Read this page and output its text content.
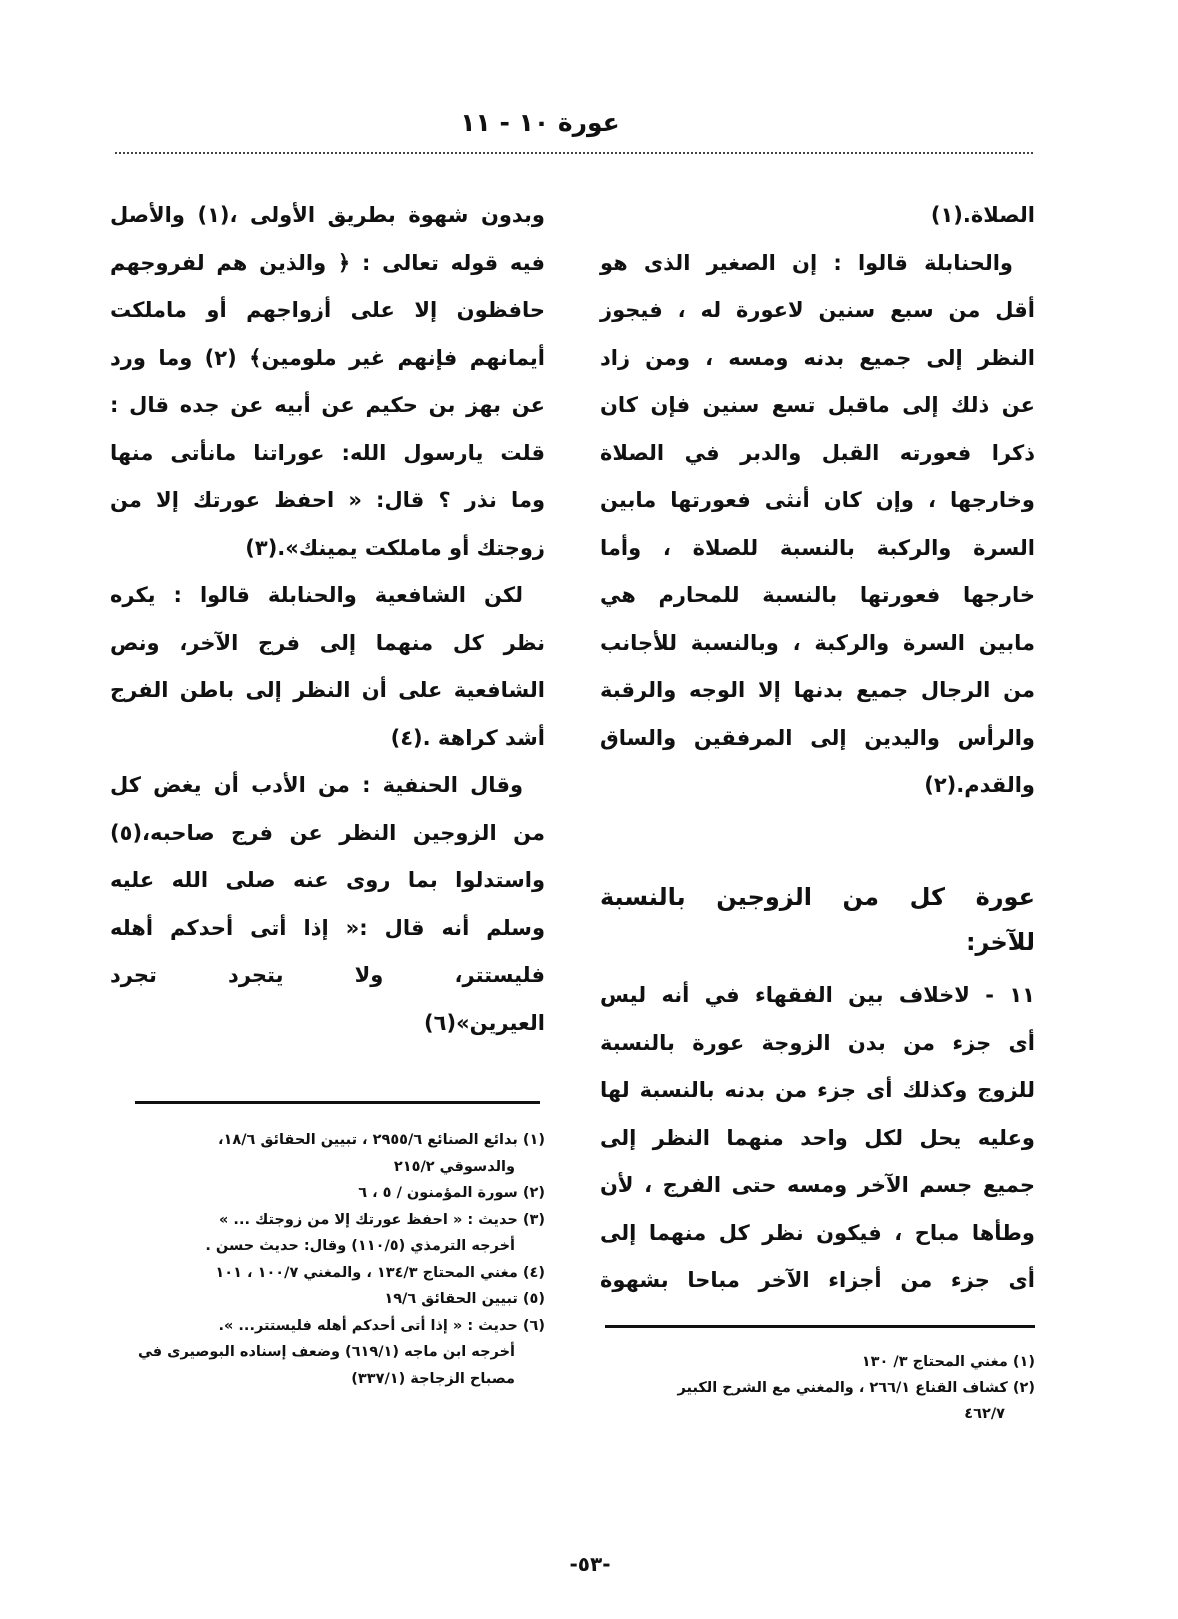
عورة ١٠ - ١١
الصلاة.(١)
والحنابلة قالوا : إن الصغير الذى هو
أقل من سبع سنين لاعورة له ، فيجوز
النظر إلى جميع بدنه ومسه ، ومن زاد
عن ذلك إلى ماقبل تسع سنين فإن كان
ذكرا فعورته القبل والدبر في الصلاة
وخارجها ، وإن كان أنثى فعورتها مابين
السرة والركبة بالنسبة للصلاة ، وأما
خارجها فعورتها بالنسبة للمحارم هي
مابين السرة والركبة ، وبالنسبة للأجانب
من الرجال جميع بدنها إلا الوجه والرقبة
والرأس واليدين إلى المرفقين والساق
والقدم.(٢)
عورة كل من الزوجين بالنسبة
للآخر:
١١ - لاخلاف بين الفقهاء في أنه ليس
أى جزء من بدن الزوجة عورة بالنسبة
للزوج وكذلك أى جزء من بدنه بالنسبة لها
وعليه يحل لكل واحد منهما النظر إلى
جميع جسم الآخر ومسه حتى الفرج ، لأن
وطأها مباح ، فيكون نظر كل منهما إلى
أى جزء من أجزاء الآخر مباحا بشهوة
(١) مغني المحتاج ٣/ ١٣٠
(٢) كشاف القناع ٢٦٦/١ ، والمغني مع الشرح الكبير
٤٦٢/٧
وبدون شهوة بطريق الأولى ،(١) والأصل
فيه قوله تعالى : ﴿ والذين هم لفروجهم
حافظون إلا على أزواجهم أو ماملكت
أيمانهم فإنهم غير ملومين﴾ (٢) وما ورد
عن بهز بن حكيم عن أبيه عن جده قال :
قلت يارسول الله: عوراتنا مانأتى منها
وما نذر ؟ قال: « احفظ عورتك إلا من
زوجتك أو ماملكت يمينك».(٣)
لكن الشافعية والحنابلة قالوا : يكره
نظر كل منهما إلى فرج الآخر، ونص
الشافعية على أن النظر إلى باطن الفرج
أشد كراهة .(٤)
وقال الحنفية : من الأدب أن يغض كل
من الزوجين النظر عن فرج صاحبه،(٥)
واستدلوا بما روى عنه صلى الله عليه
وسلم أنه قال :« إذا أتى أحدكم أهله
فليستتر، ولا يتجرد تجرد
العيرين»(٦)
(١) بدائع الصنائع ٢٩٥٥/٦ ، تبيين الحقائق ١٨/٦،
والدسوقي ٢١٥/٢
(٢) سورة المؤمنون / ٥ ، ٦
(٣) حديث : « احفظ عورتك إلا من زوجتك ... »
أخرجه الترمذي (١١٠/٥) وقال: حديث حسن .
(٤) مغني المحتاج ١٣٤/٣ ، والمغني ١٠٠/٧ ، ١٠١
(٥) تبيين الحقائق ١٩/٦
(٦) حديث : « إذا أتى أحدكم أهله فليستتر... ».
أخرجه ابن ماجه (٦١٩/١) وضعف إسناده البوصيرى في
مصباح الزجاجة (٣٣٧/١)
-٥٣-
